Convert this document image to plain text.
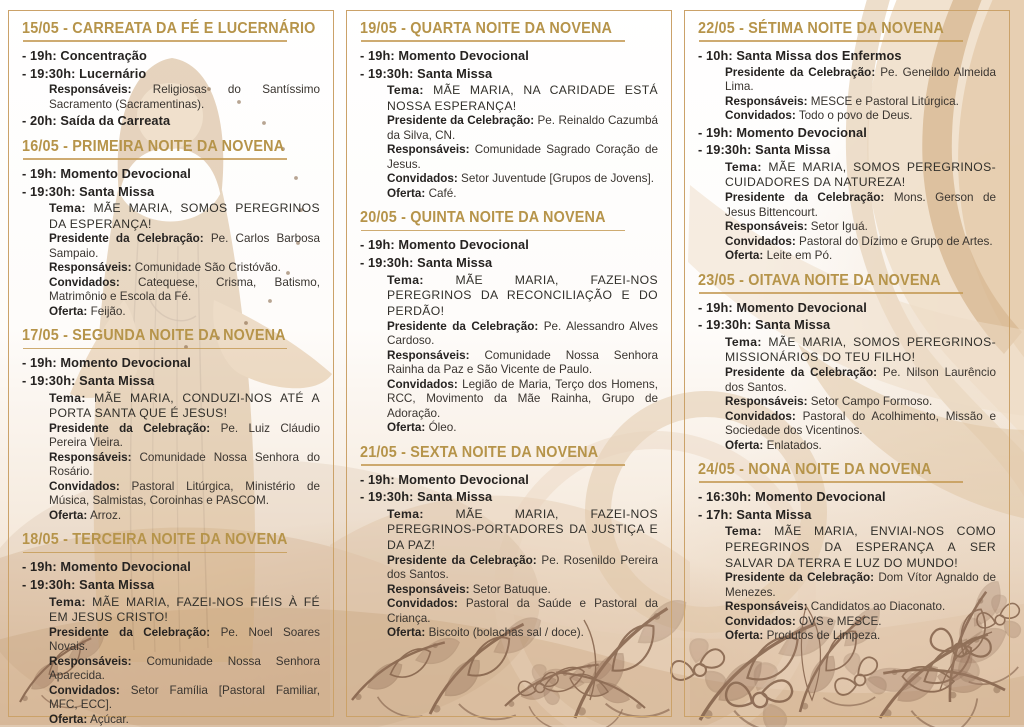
15/05 - CARREATA DA FÉ E LUCERNÁRIO
- 19h: Concentração
- 19:30h: Lucernário
Responsáveis: Religiosas do Santíssimo Sacramento (Sacramentinas).
- 20h: Saída da Carreata
16/05 - PRIMEIRA NOITE DA NOVENA
- 19h: Momento Devocional
- 19:30h: Santa Missa
Tema: MÃE MARIA, SOMOS PEREGRINOS DA ESPERANÇA!
Presidente da Celebração: Pe. Carlos Barbosa Sampaio.
Responsáveis: Comunidade São Cristóvão.
Convidados: Catequese, Crisma, Batismo, Matrimônio e Escola da Fé.
Oferta: Feijão.
17/05 - SEGUNDA NOITE DA NOVENA
- 19h: Momento Devocional
- 19:30h: Santa Missa
Tema: MÃE MARIA, CONDUZI-NOS ATÉ A PORTA SANTA QUE É JESUS!
Presidente da Celebração: Pe. Luiz Cláudio Pereira Vieira.
Responsáveis: Comunidade Nossa Senhora do Rosário.
Convidados: Pastoral Litúrgica, Ministério de Música, Salmistas, Coroinhas e PASCOM.
Oferta: Arroz.
18/05 - TERCEIRA NOITE DA NOVENA
- 19h: Momento Devocional
- 19:30h: Santa Missa
Tema: MÃE MARIA, FAZEI-NOS FIÉIS À FÉ EM JESUS CRISTO!
Presidente da Celebração: Pe. Noel Soares Novais.
Responsáveis: Comunidade Nossa Senhora Aparecida.
Convidados: Setor Família [Pastoral Familiar, MFC, ECC].
Oferta: Açúcar.
19/05 - QUARTA NOITE DA NOVENA
- 19h: Momento Devocional
- 19:30h: Santa Missa
Tema: MÃE MARIA, NA CARIDADE ESTÁ NOSSA ESPERANÇA!
Presidente da Celebração: Pe. Reinaldo Cazumbá da Silva, CN.
Responsáveis: Comunidade Sagrado Coração de Jesus.
Convidados: Setor Juventude [Grupos de Jovens].
Oferta: Café.
20/05 - QUINTA NOITE DA NOVENA
- 19h: Momento Devocional
- 19:30h: Santa Missa
Tema:	MÃE MARIA, FAZEI-NOS PEREGRINOS DA RECONCILIAÇÃO E DO PERDÃO!
Presidente da Celebração: Pe. Alessandro Alves Cardoso.
Responsáveis: Comunidade Nossa Senhora Rainha da Paz e São Vicente de Paulo.
Convidados: Legião de Maria, Terço dos Homens, RCC, Movimento da Mãe Rainha, Grupo de Adoração.
Oferta: Óleo.
21/05 - SEXTA NOITE DA NOVENA
- 19h: Momento Devocional
- 19:30h: Santa Missa
Tema:	MÃE MARIA, FAZEI-NOS PEREGRINOS-PORTADORES DA JUSTIÇA E DA PAZ!
Presidente da Celebração: Pe. Rosenildo Pereira dos Santos.
Responsáveis: Setor Batuque.
Convidados: Pastoral da Saúde e Pastoral da Criança.
Oferta: Biscoito (bolachas sal / doce).
22/05 - SÉTIMA NOITE DA NOVENA
- 10h: Santa Missa dos Enfermos
Presidente da Celebração: Pe. Geneildo Almeida Lima.
Responsáveis: MESCE e Pastoral Litúrgica.
Convidados: Todo o povo de Deus.
- 19h: Momento Devocional
- 19:30h: Santa Missa
Tema: MÃE MARIA, SOMOS PEREGRINOS-CUIDADORES DA NATUREZA!
Presidente da Celebração: Mons. Gerson de Jesus Bittencourt.
Responsáveis: Setor Iguá.
Convidados: Pastoral do Dízimo e Grupo de Artes.
Oferta: Leite em Pó.
23/05 - OITAVA NOITE DA NOVENA
- 19h: Momento Devocional
- 19:30h: Santa Missa
Tema: MÃE MARIA, SOMOS PEREGRINOS-MISSIONÁRIOS DO TEU FILHO!
Presidente da Celebração: Pe. Nilson Laurêncio dos Santos.
Responsáveis: Setor Campo Formoso.
Convidados: Pastoral do Acolhimento, Missão e Sociedade dos Vicentinos.
Oferta: Enlatados.
24/05 - NONA NOITE DA NOVENA
- 16:30h: Momento Devocional
- 17h: Santa Missa
Tema: MÃE MARIA, ENVIAI-NOS COMO PEREGRINOS DA ESPERANÇA A SER SALVAR DA TERRA E LUZ DO MUNDO!
Presidente da Celebração: Dom Vítor Agnaldo de Menezes.
Responsáveis: Candidatos ao Diaconato.
Convidados: OVS e MESCE.
Oferta: Produtos de Limpeza.
